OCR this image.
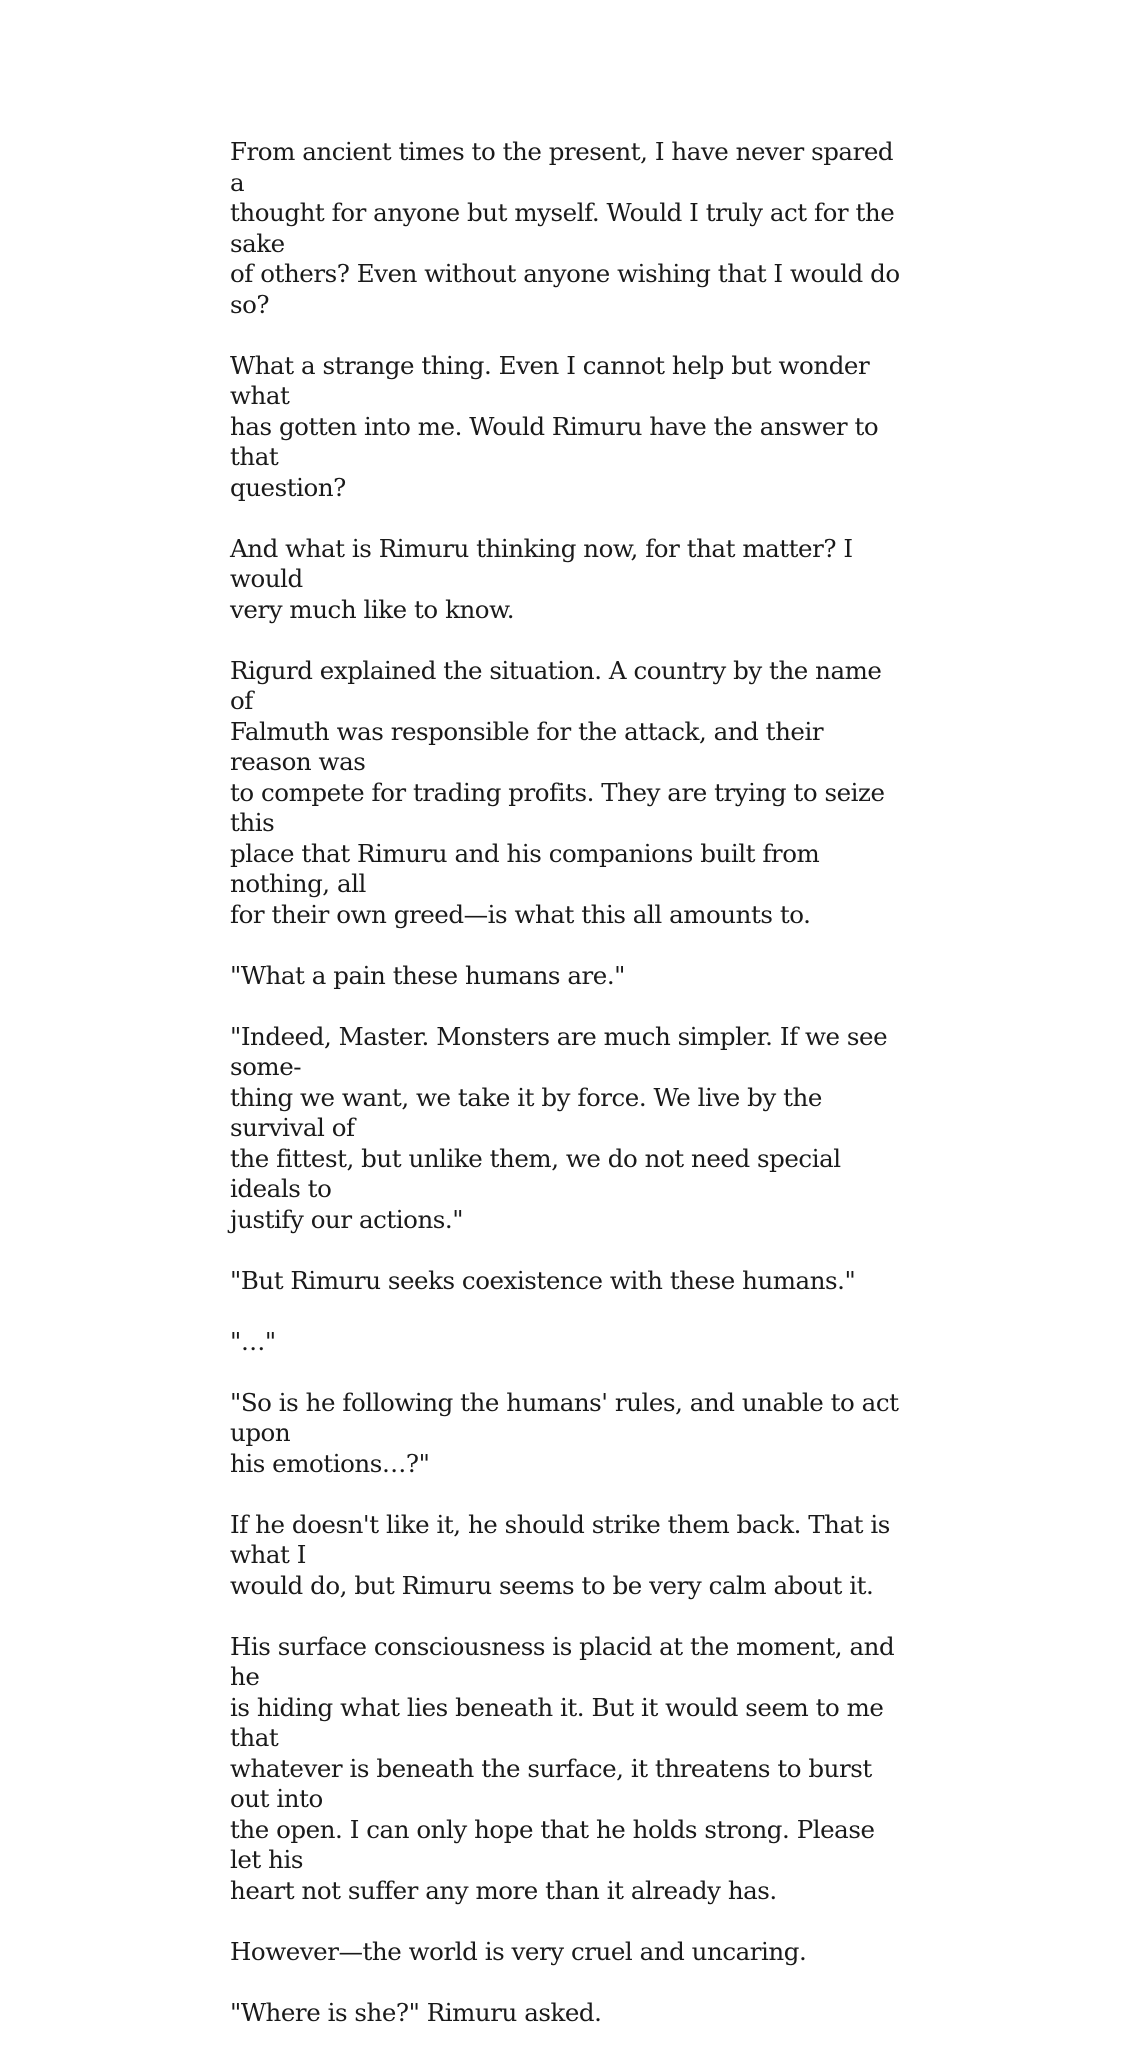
From ancient times to the present, I have never spared a
thought for anyone but myself. Would I truly act for the sake
of others? Even without anyone wishing that I would do so?

What a strange thing. Even I cannot help but wonder what
has gotten into me. Would Rimuru have the answer to that
question?

And what is Rimuru thinking now, for that matter? I would
very much like to know.

Rigurd explained the situation. A country by the name of
Falmuth was responsible for the attack, and their reason was
to compete for trading profits. They are trying to seize this
place that Rimuru and his companions built from nothing, all
for their own greed—is what this all amounts to.

"What a pain these humans are."

"Indeed, Master. Monsters are much simpler. If we see some-
thing we want, we take it by force. We live by the survival of
the fittest, but unlike them, we do not need special ideals to
justify our actions."

"But Rimuru seeks coexistence with these humans."

"…"

"So is he following the humans' rules, and unable to act upon
his emotions…?"

If he doesn't like it, he should strike them back. That is what I
would do, but Rimuru seems to be very calm about it.

His surface consciousness is placid at the moment, and he
is hiding what lies beneath it. But it would seem to me that
whatever is beneath the surface, it threatens to burst out into
the open. I can only hope that he holds strong. Please let his
heart not suffer any more than it already has.

However—the world is very cruel and uncaring.

"Where is she?" Rimuru asked.
